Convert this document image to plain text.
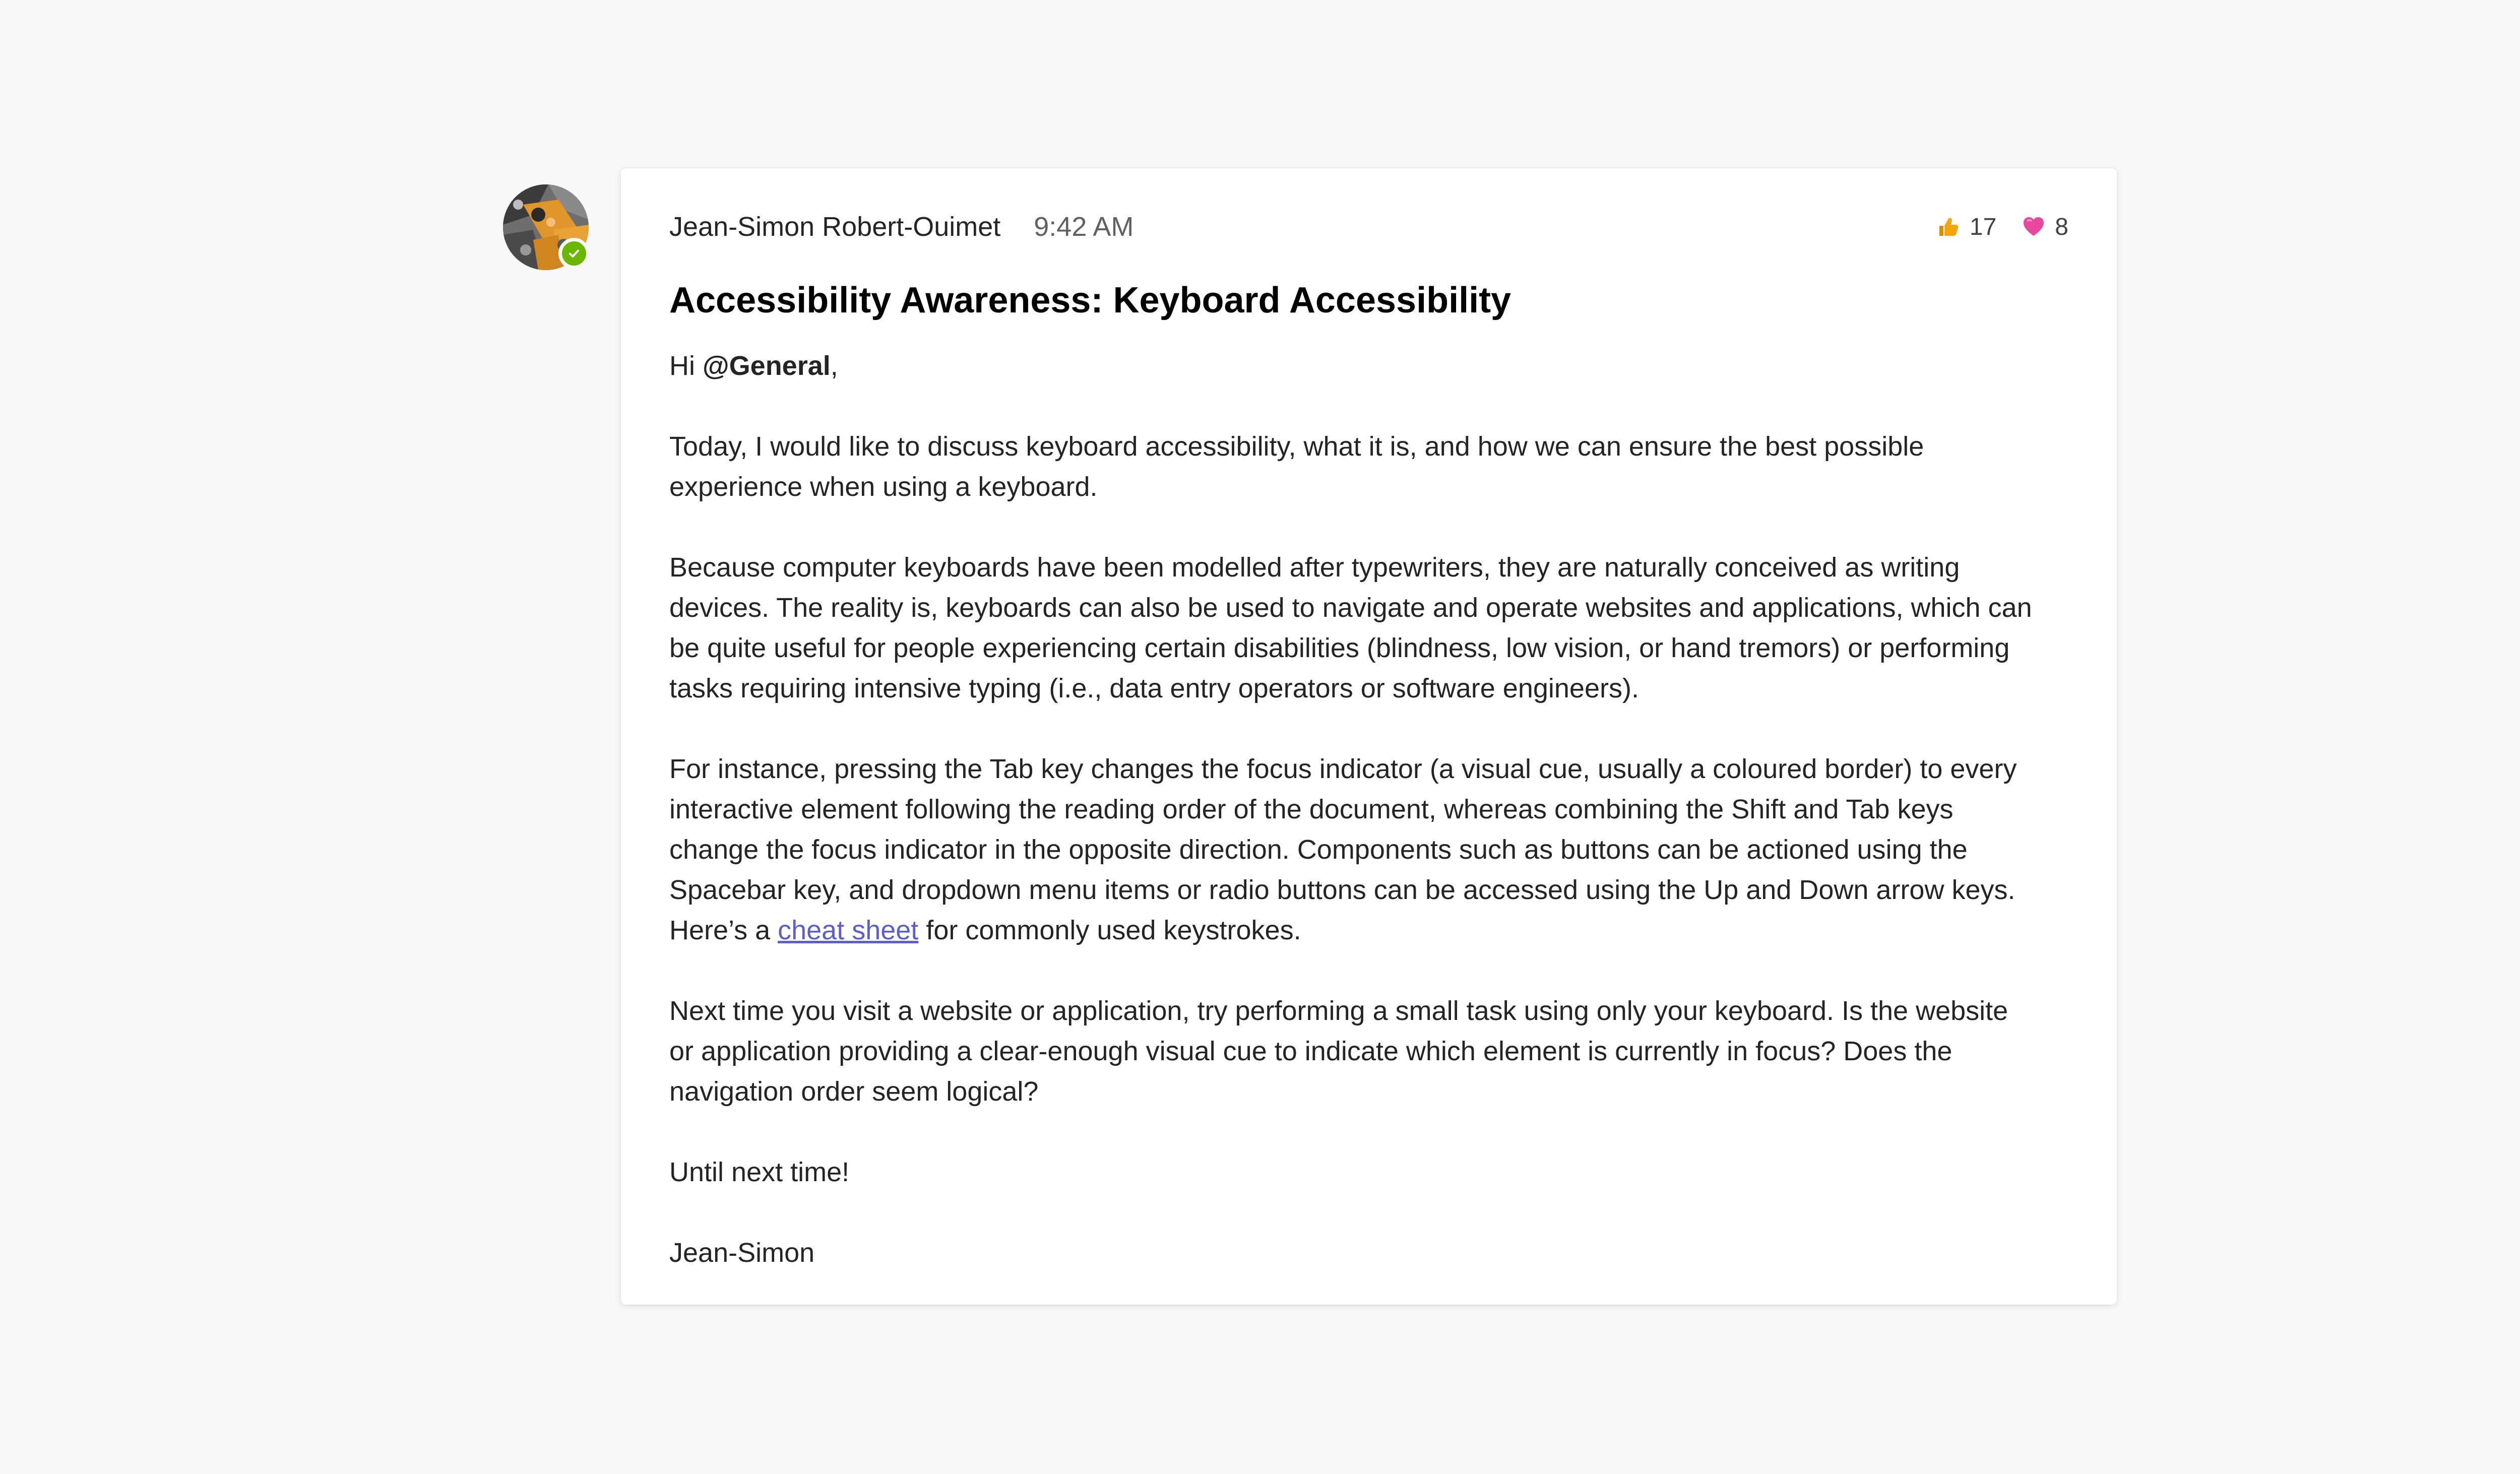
Jean-Simon Robert-Ouimet 9:42 AM	17 8
Accessibility Awareness: Keyboard Accessibility

Hi @General,

Today, I would like to discuss keyboard accessibility, what it is, and how we can ensure the best possible
experience when using a keyboard.

Because computer keyboards have been modelled after typewriters, they are naturally conceived as writing
devices. The reality is, keyboards can also be used to navigate and operate websites and applications, which can
be quite useful for people experiencing certain disabilities (blindness, low vision, or hand tremors) or performing
tasks requiring intensive typing (i.e., data entry operators or software engineers).

For instance, pressing the Tab key changes the focus indicator (a visual cue, usually a coloured border) to every
interactive element following the reading order of the document, whereas combining the Shift and Tab keys
change the focus indicator in the opposite direction. Components such as buttons can be actioned using the
Spacebar key, and dropdown menu items or radio buttons can be accessed using the Up and Down arrow keys.
Here’s a cheat sheet for commonly used keystrokes.

Next time you visit a website or application, try performing a small task using only your keyboard. Is the website
or application providing a clear-enough visual cue to indicate which element is currently in focus? Does the
navigation order seem logical?

Until next time!

Jean-Simon
